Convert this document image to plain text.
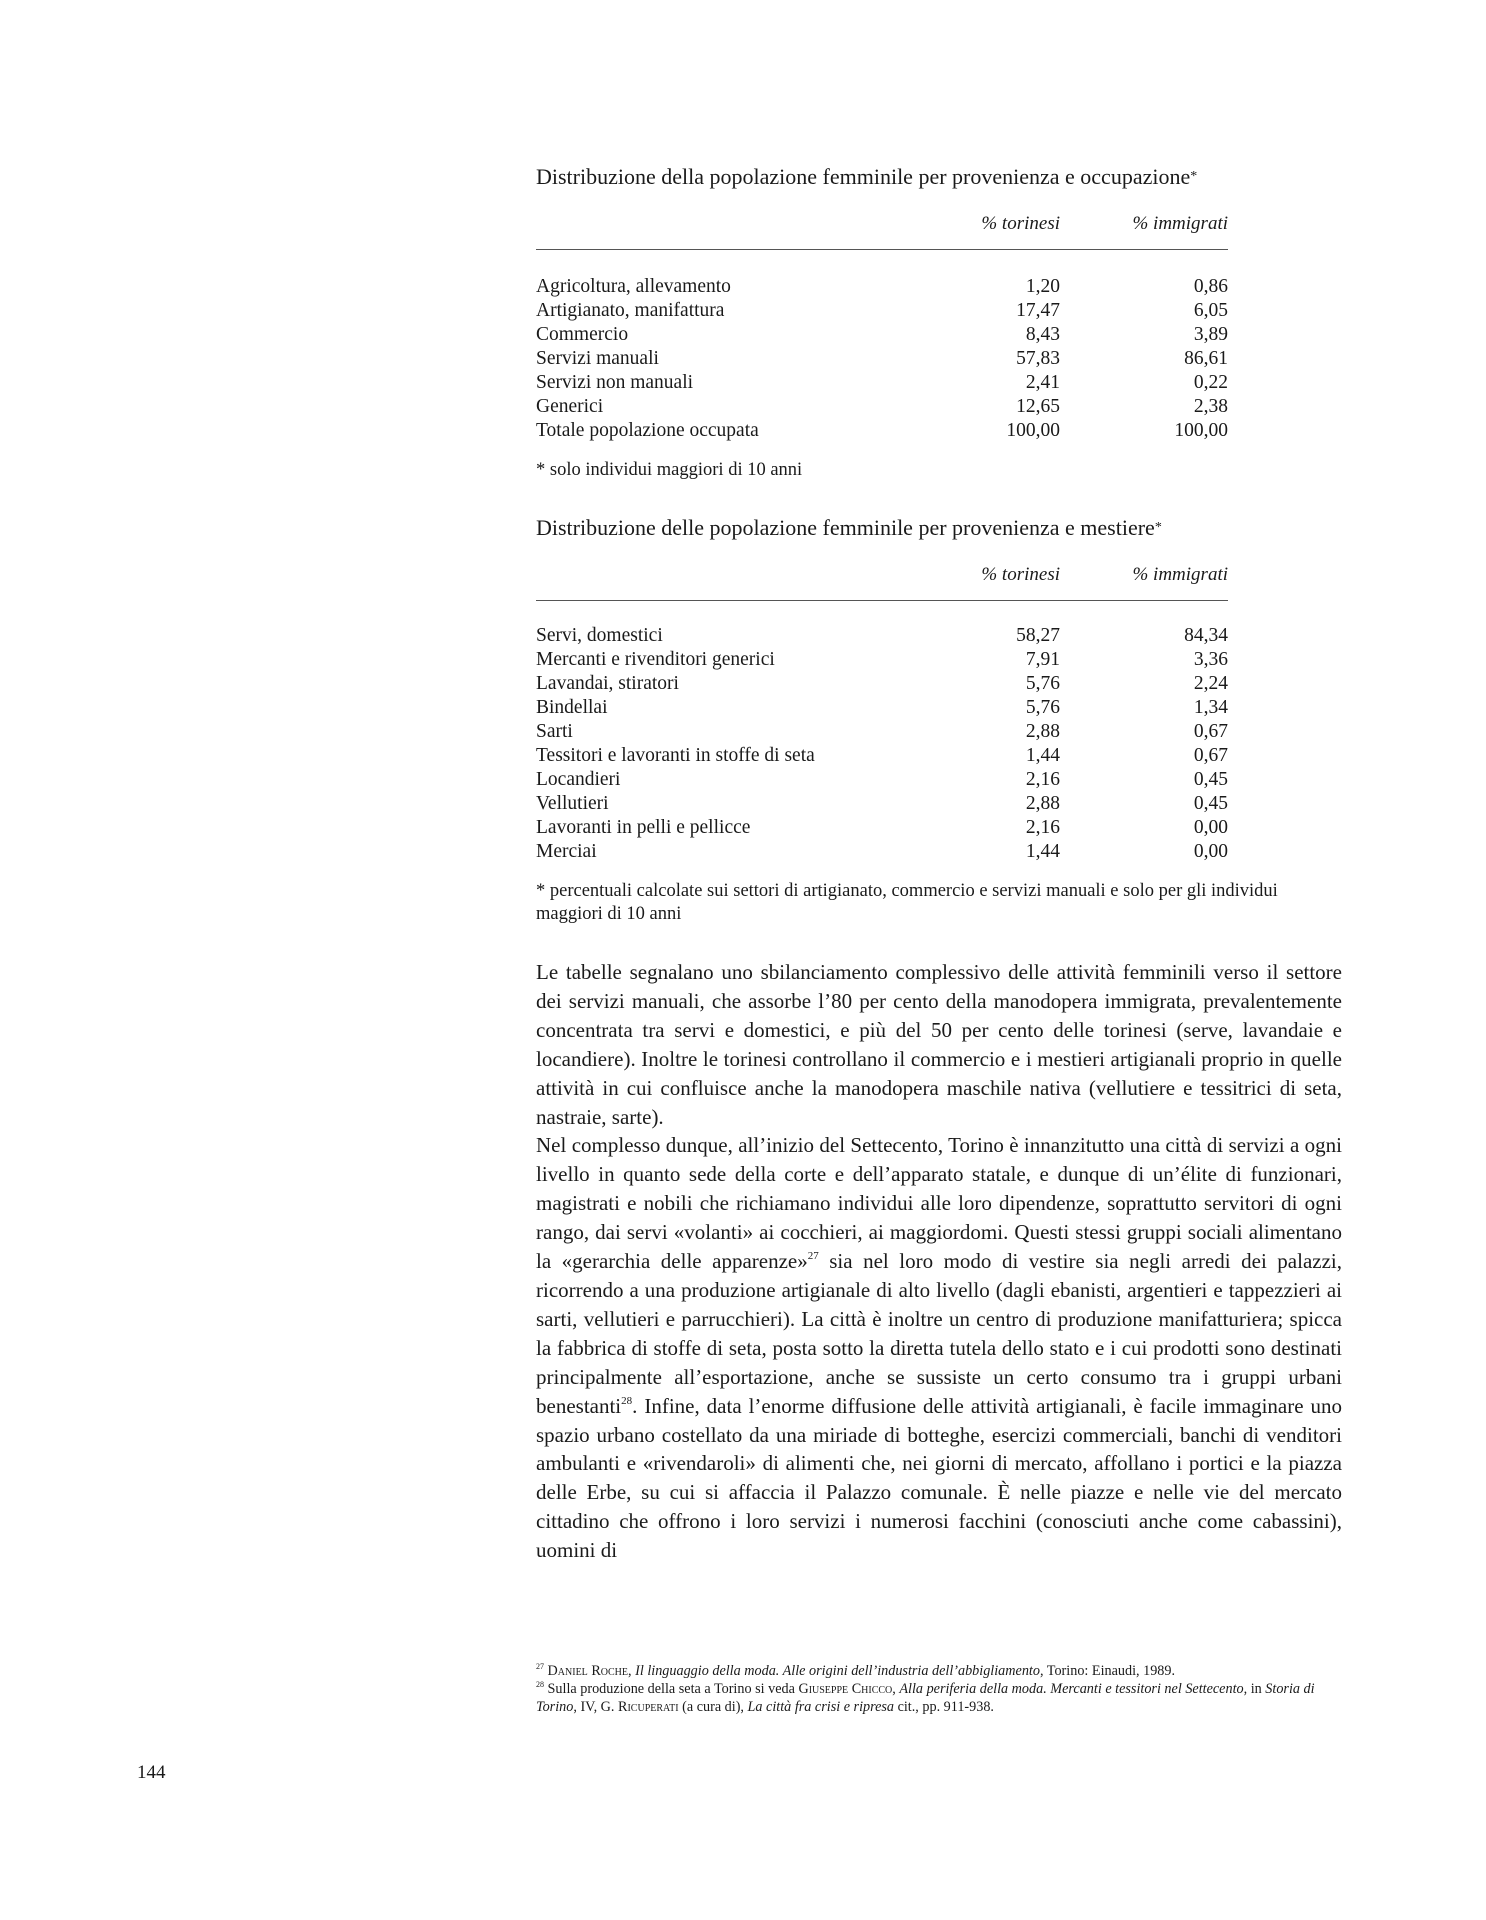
Distribuzione della popolazione femminile per provenienza e occupazione*
% torinesi	% immigrati
Agricoltura, allevamento	1,20	0,86
Artigianato, manifattura	17,47	6,05
Commercio	8,43	3,89
Servizi manuali	57,83	86,61
Servizi non manuali	2,41	0,22
Generici	12,65	2,38
Totale popolazione occupata	100,00	100,00
* solo individui maggiori di 10 anni
Distribuzione delle popolazione femminile per provenienza e mestiere*
% torinesi	% immigrati
Servi, domestici	58,27	84,34
Mercanti e rivenditori generici	7,91	3,36
Lavandai, stiratori	5,76	2,24
Bindellai	5,76	1,34
Sarti	2,88	0,67
Tessitori e lavoranti in stoffe di seta	1,44	0,67
Locandieri	2,16	0,45
Vellutieri	2,88	0,45
Lavoranti in pelli e pellicce	2,16	0,00
Merciai	1,44	0,00
* percentuali calcolate sui settori di artigianato, commercio e servizi manuali e solo per gli individui maggiori di 10 anni

Le tabelle segnalano uno sbilanciamento complessivo delle attività femminili verso il settore dei servizi manuali, che assorbe l’80 per cento della manodopera immigrata, prevalentemente concentrata tra servi e domestici, e più del 50 per cento delle torinesi (serve, lavandaie e locandiere). Inoltre le torinesi controllano il commercio e i mestieri artigianali proprio in quelle attività in cui confluisce anche la manodopera maschile nativa (vellutiere e tessitrici di seta, nastraie, sarte).

Nel complesso dunque, all’inizio del Settecento, Torino è innanzitutto una città di servizi a ogni livello in quanto sede della corte e dell’apparato statale, e dunque di un’élite di funzionari, magistrati e nobili che richiamano individui alle loro dipendenze, soprattutto servitori di ogni rango, dai servi «volanti» ai cocchieri, ai maggiordomi. Questi stessi gruppi sociali alimentano la «gerarchia delle apparenze»$^{27}$ sia nel loro modo di vestire sia negli arredi dei palazzi, ricorrendo a una produzione artigianale di alto livello (dagli ebanisti, argentieri e tappezzieri ai sarti, vellutieri e parrucchieri). La città è inoltre un centro di produzione manifatturiera; spicca la fabbrica di stoffe di seta, posta sotto la diretta tutela dello stato e i cui prodotti sono destinati principalmente all’esportazione, anche se sussiste un certo consumo tra i gruppi urbani benestanti$^{28}$. Infine, data l’enorme diffusione delle attività artigianali, è facile immaginare uno spazio urbano costellato da una miriade di botteghe, esercizi commerciali, banchi di venditori ambulanti e «rivendaroli» di alimenti che, nei giorni di mercato, affollano i portici e la piazza delle Erbe, su cui si affaccia il Palazzo comunale. È nelle piazze e nelle vie del mercato cittadino che offrono i loro servizi i numerosi facchini (conosciuti anche come cabassini), uomini di

$^{27}$ Daniel Roche, Il linguaggio della moda. Alle origini dell’industria dell’abbigliamento, Torino: Einaudi, 1989.

$^{28}$ Sulla produzione della seta a Torino si veda Giuseppe Chicco, Alla periferia della moda. Mercanti e tessitori nel Settecento, in Storia di Torino, IV, G. Ricuperati (a cura di), La città fra crisi e ripresa cit., pp. 911-938.

144
